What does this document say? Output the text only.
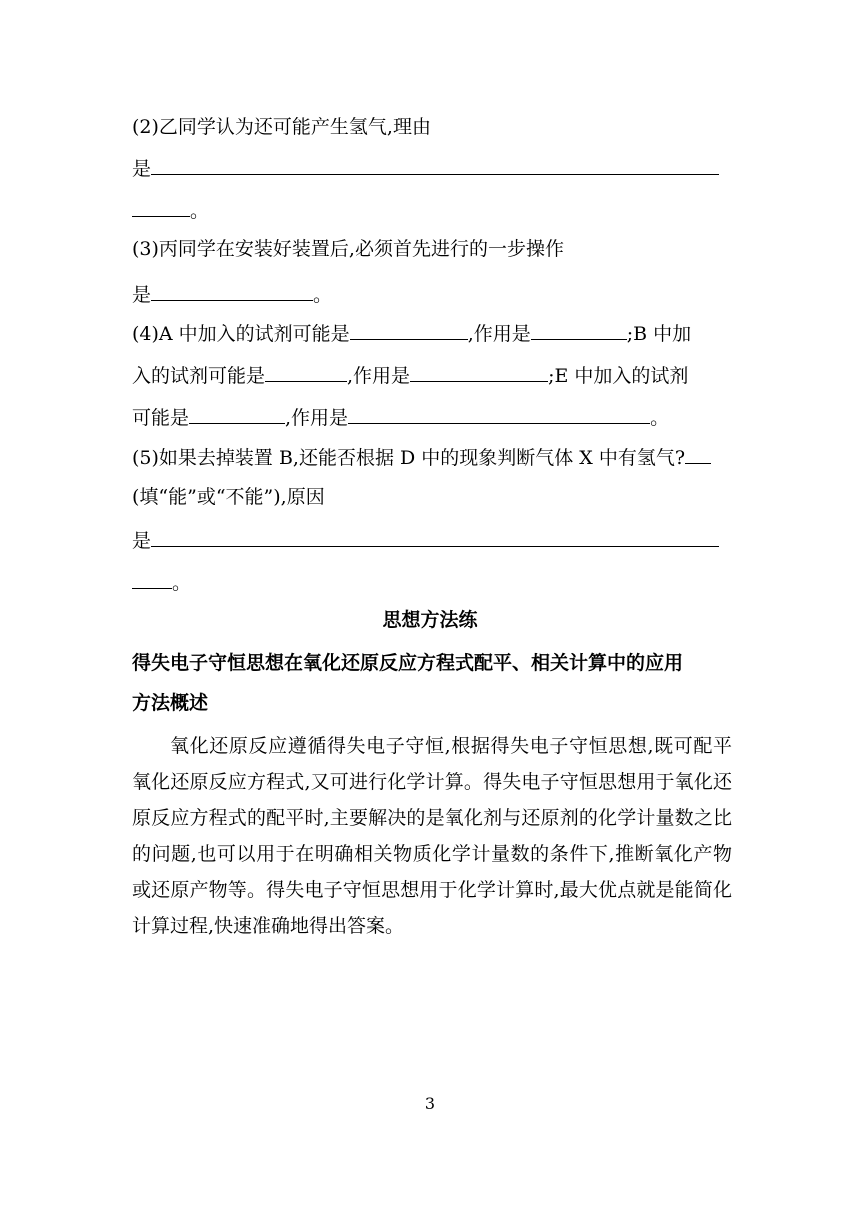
(2)乙同学认为还可能产生氢气,理由
是
。
(3)丙同学在安装好装置后,必须首先进行的一步操作
是	。
(4)A 中加入的试剂可能是	,作用是	;B 中加
入的试剂可能是	,作用是	;E 中加入的试剂
可能是	,作用是	。
(5)如果去掉装置 B,还能否根据 D 中的现象判断气体 X 中有氢气?
(填“能”或“不能”),原因
是
。
思想方法练
得失电子守恒思想在氧化还原反应方程式配平、相关计算中的应用
方法概述
氧化还原反应遵循得失电子守恒,根据得失电子守恒思想,既可配平氧化还原反应方程式,又可进行化学计算。得失电子守恒思想用于氧化还原反应方程式的配平时,主要解决的是氧化剂与还原剂的化学计量数之比的问题,也可以用于在明确相关物质化学计量数的条件下,推断氧化产物或还原产物等。得失电子守恒思想用于化学计算时,最大优点就是能简化计算过程,快速准确地得出答案。
3
